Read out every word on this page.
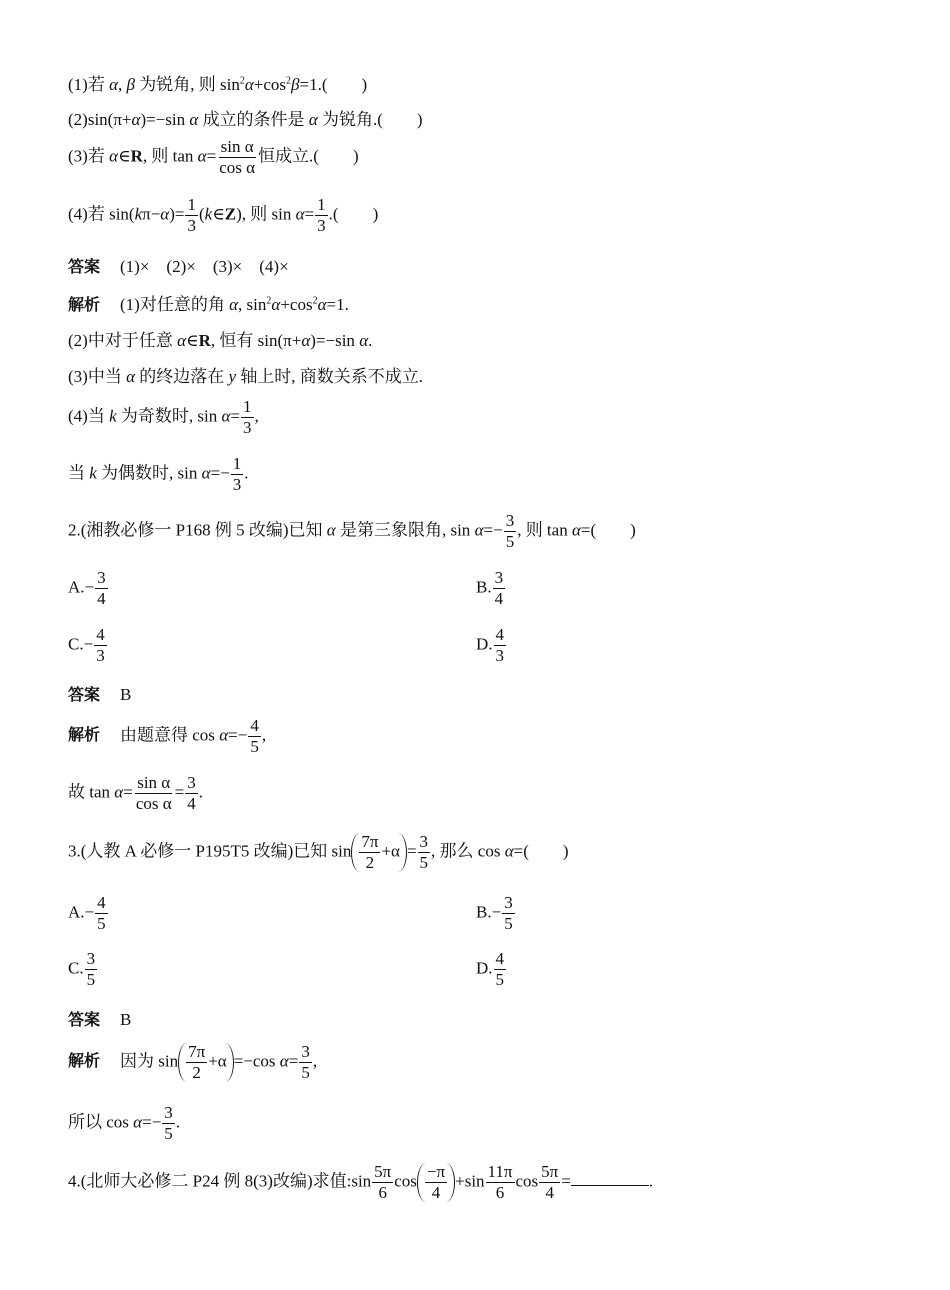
(1)若 α, β 为锐角, 则 $\sin^2\alpha+\cos^2\beta=1$.( )
(2)sin(π+α)=−sin α 成立的条件是 α 为锐角.( )
(3)若 α∈R, 则 $\tan \alpha= \frac{\text{sin α}}{\text{cos α}}$ 恒成立.( )
(4)若 $\sin(k\pi-\alpha)= \frac{1}{3}$ (k∈Z), 则 $\sin \alpha= \frac{1}{3}$ .( )
答案 (1)×    (2)×    (3)×    (4)×
解析 (1)对任意的角 α, $\sin^2\alpha+\cos^2\alpha=1$.
(2)中对于任意 α∈R, 恒有 sin(π+α)=−sin α.
(3)中当 α 的终边落在 y 轴上时, 商数关系不成立.
(4)当 k 为奇数时, $\sin \alpha= \frac{1}{3}$ ,
当 k 为偶数时, $\sin \alpha=- \frac{1}{3}$ .
2.(湘教必修一 P168 例 5 改编)已知 α 是第三象限角, $\sin \alpha=- \frac{3}{5}$ , 则 tan α=( )
$A.- \frac{3}{4}$	B. $\frac{3}{4}$
$C.- \frac{4}{3}$	D. $\frac{4}{3}$
答案 B
解析 由题意得 $\cos \alpha=- \frac{4}{5}$ ,
故 $\tan \alpha= \frac{\text{sin α}}{\text{cos α}} = \frac{3}{4}$ .
3.(人教 A 必修一 P195T5 改编)已知 $\sin \frac{7\pi}{2} +\alpha = \frac{3}{5}$ , 那么 cos α=( )
$A.- \frac{4}{5}$	$B.- \frac{3}{5}$
C. $\frac{3}{5}$	D. $\frac{4}{5}$
答案 B
解析 因为 $\sin \frac{7\pi}{2} +\alpha =-\cos$ $\alpha= \frac{3}{5}$ ,
所以 $\cos \alpha=- \frac{3}{5}$ .
4.(北师大必修二 P24 例 8(3)改编)求值:sin $\frac{5\pi}{6}$ $\cos \frac{-\pi}{4} +\sin \frac{11\pi}{6}$ $\cos \frac{5\pi}{4}$ =	.
